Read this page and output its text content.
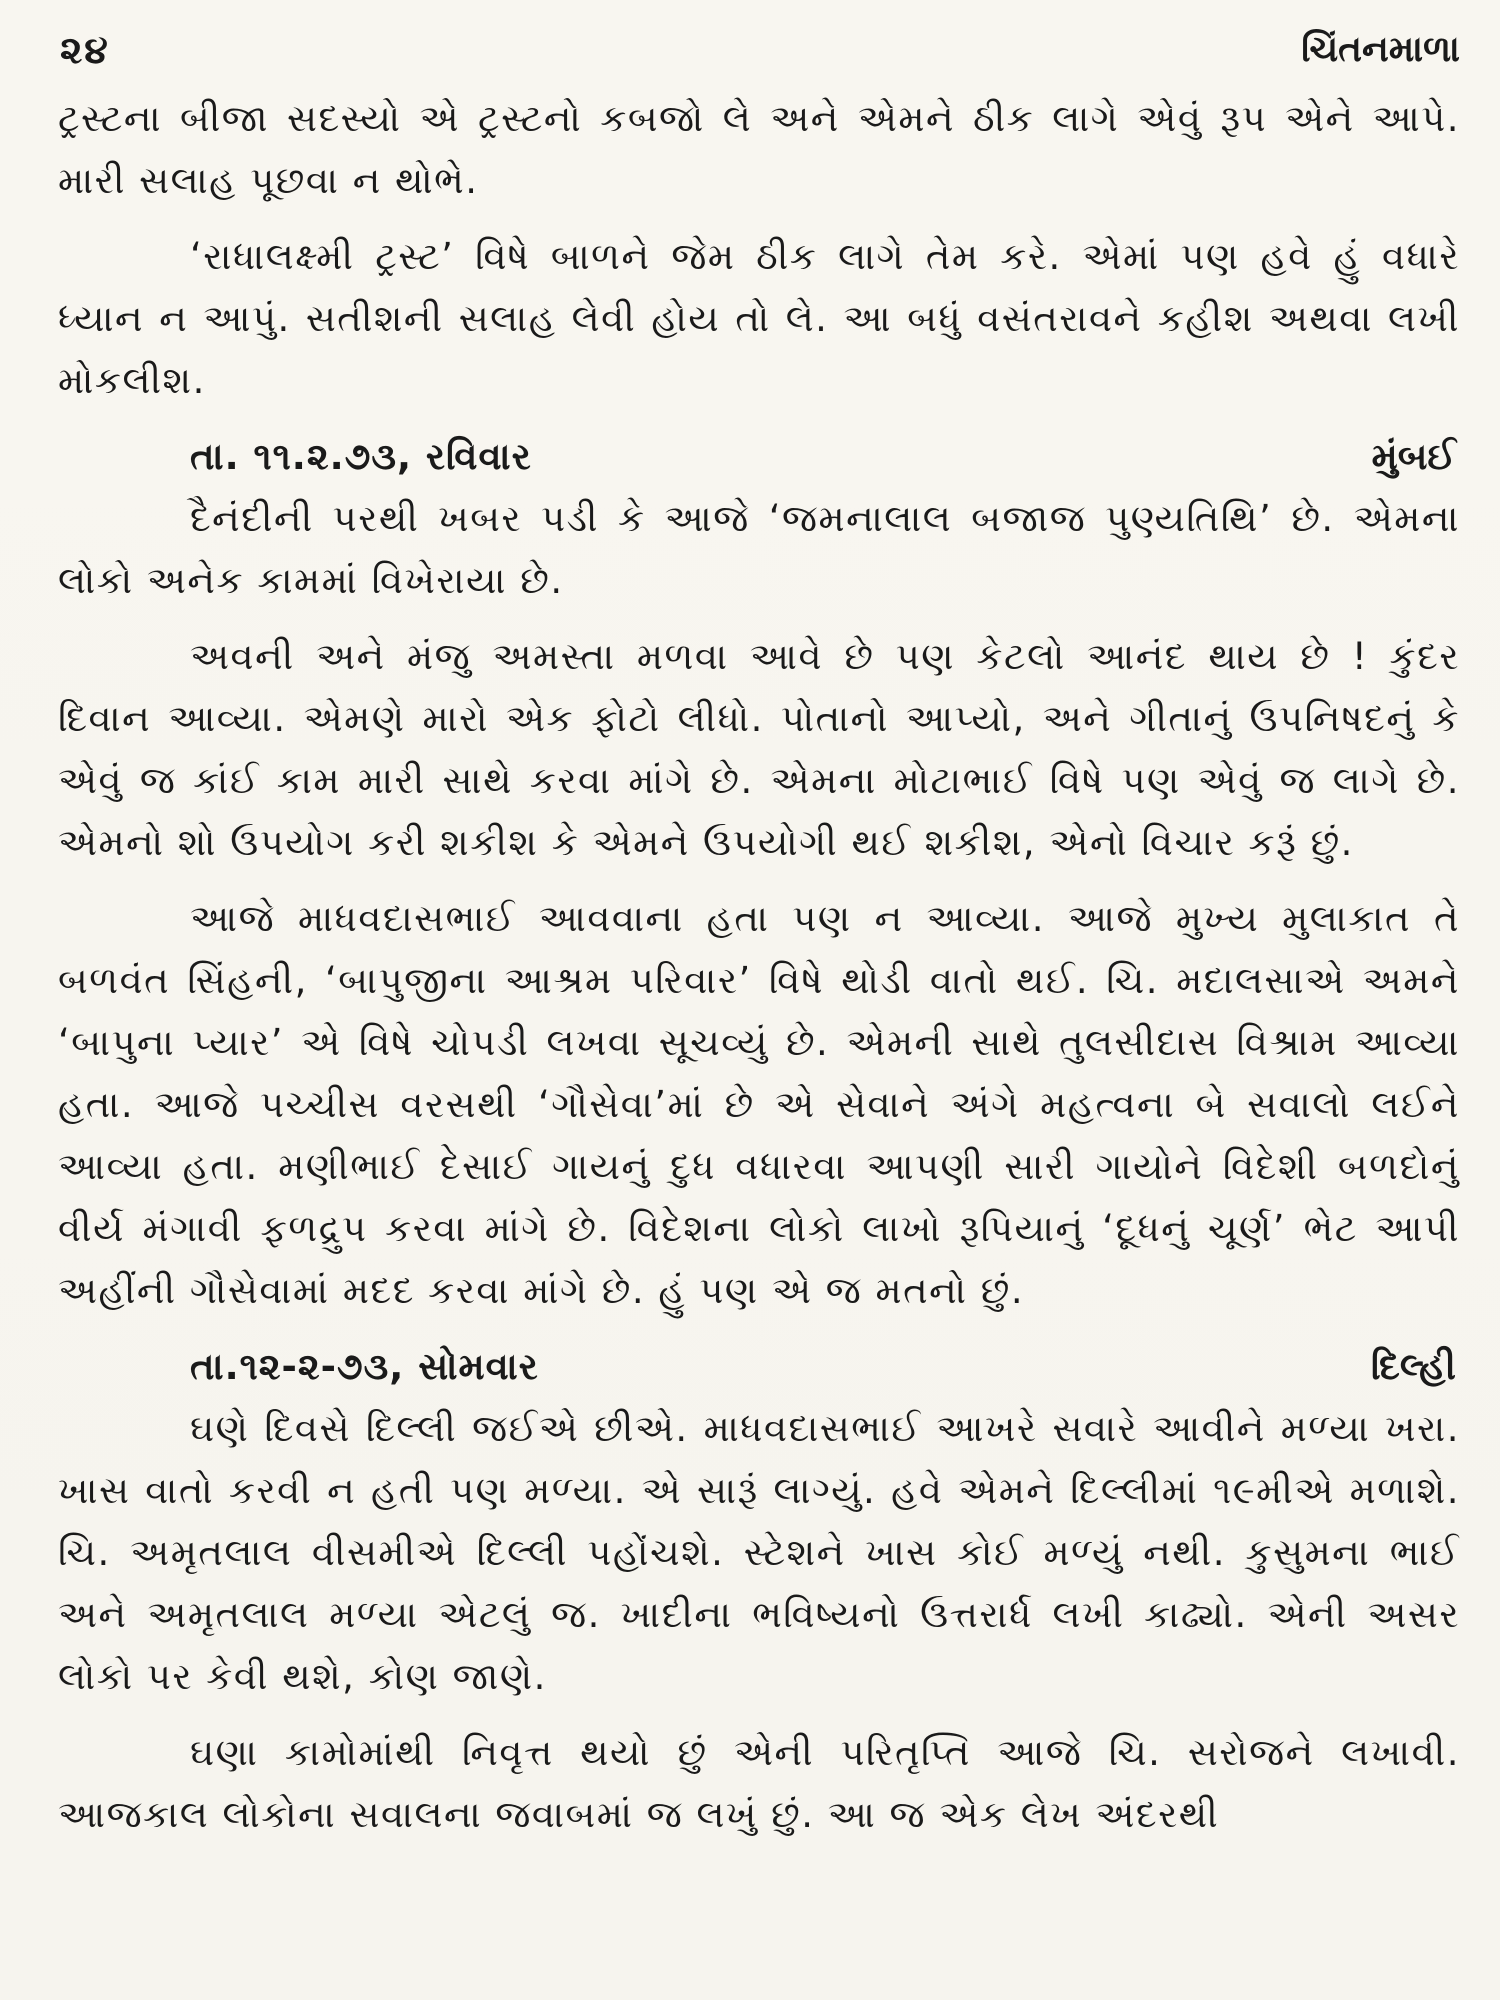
૨૪	ચિંતનમાળા

ટ્રસ્ટના બીજા સદસ્યો એ ટ્રસ્ટનો કબજો લે અને એમને ઠીક લાગે એવું રૂપ એને આપે. મારી સલાહ પૂછવા ન થોભે.

‘રાધાલક્ષ્મી ટ્રસ્ટ’ વિષે બાળને જેમ ઠીક લાગે તેમ કરે. એમાં પણ હવે હું વધારે ધ્યાન ન આપું. સતીશની સલાહ લેવી હોય તો લે. આ બધું વસંતરાવને કહીશ અથવા લખી મોકલીશ.

તા. ૧૧.૨.૭૩, રવિવાર	મુંબઈ

દૈનંદીની પરથી ખબર પડી કે આજે ‘જમનાલાલ બજાજ પુણ્યતિથિ’ છે. એમના લોકો અનેક કામમાં વિખેરાયા છે.

અવની અને મંજુ અમસ્તા મળવા આવે છે પણ કેટલો આનંદ થાય છે ! કુંદર દિવાન આવ્યા. એમણે મારો એક ફોટો લીધો. પોતાનો આપ્યો, અને ગીતાનું ઉપનિષદનું કે એવું જ કાંઈ કામ મારી સાથે કરવા માંગે છે. એમના મોટાભાઈ વિષે પણ એવું જ લાગે છે. એમનો શો ઉપયોગ કરી શકીશ કે એમને ઉપયોગી થઈ શકીશ, એનો વિચાર કરૂં છું.

આજે માધવદાસભાઈ આવવાના હતા પણ ન આવ્યા. આજે મુખ્ય મુલાકાત તે બળવંત સિંહની, ‘બાપુજીના આશ્રમ પરિવાર’ વિષે થોડી વાતો થઈ. ચિ. મદાલસાએ અમને ‘બાપુના પ્યાર’ એ વિષે ચોપડી લખવા સૂચવ્યું છે. એમની સાથે તુલસીદાસ વિશ્રામ આવ્યા હતા. આજે પચ્ચીસ વરસથી ‘ગૌસેવા’માં છે એ સેવાને અંગે મહત્વના બે સવાલો લઈને આવ્યા હતા. મણીભાઈ દેસાઈ ગાયનું દુધ વધારવા આપણી સારી ગાયોને વિદેશી બળદોનું વીર્ય મંગાવી ફળદ્રુપ કરવા માંગે છે. વિદેશના લોકો લાખો રૂપિયાનું ‘દૂધનું ચૂર્ણ’ ભેટ આપી અહીંની ગૌસેવામાં મદદ કરવા માંગે છે. હું પણ એ જ મતનો છું.

તા.૧૨-૨-૭૩, સોમવાર	દિલ્હી

ઘણે દિવસે દિલ્લી જઈએ છીએ. માધવદાસભાઈ આખરે સવારે આવીને મળ્યા ખરા. ખાસ વાતો કરવી ન હતી પણ મળ્યા. એ સારૂં લાગ્યું. હવે એમને દિલ્લીમાં ૧૯મીએ મળાશે. ચિ. અમૃતલાલ વીસમીએ દિલ્લી પહોંચશે. સ્ટેશને ખાસ કોઈ મળ્યું નથી. કુસુમના ભાઈ અને અમૃતલાલ મળ્યા એટલું જ. ખાદીના ભવિષ્યનો ઉત્તરાર્ધ લખી કાઢ્યો. એની અસર લોકો પર કેવી થશે, કોણ જાણે.

ઘણા કામોમાંથી નિવૃત્ત થયો છું એની પરિતૃપ્તિ આજે ચિ. સરોજને લખાવી. આજકાલ લોકોના સવાલના જવાબમાં જ લખું છું. આ જ એક લેખ અંદરથી
